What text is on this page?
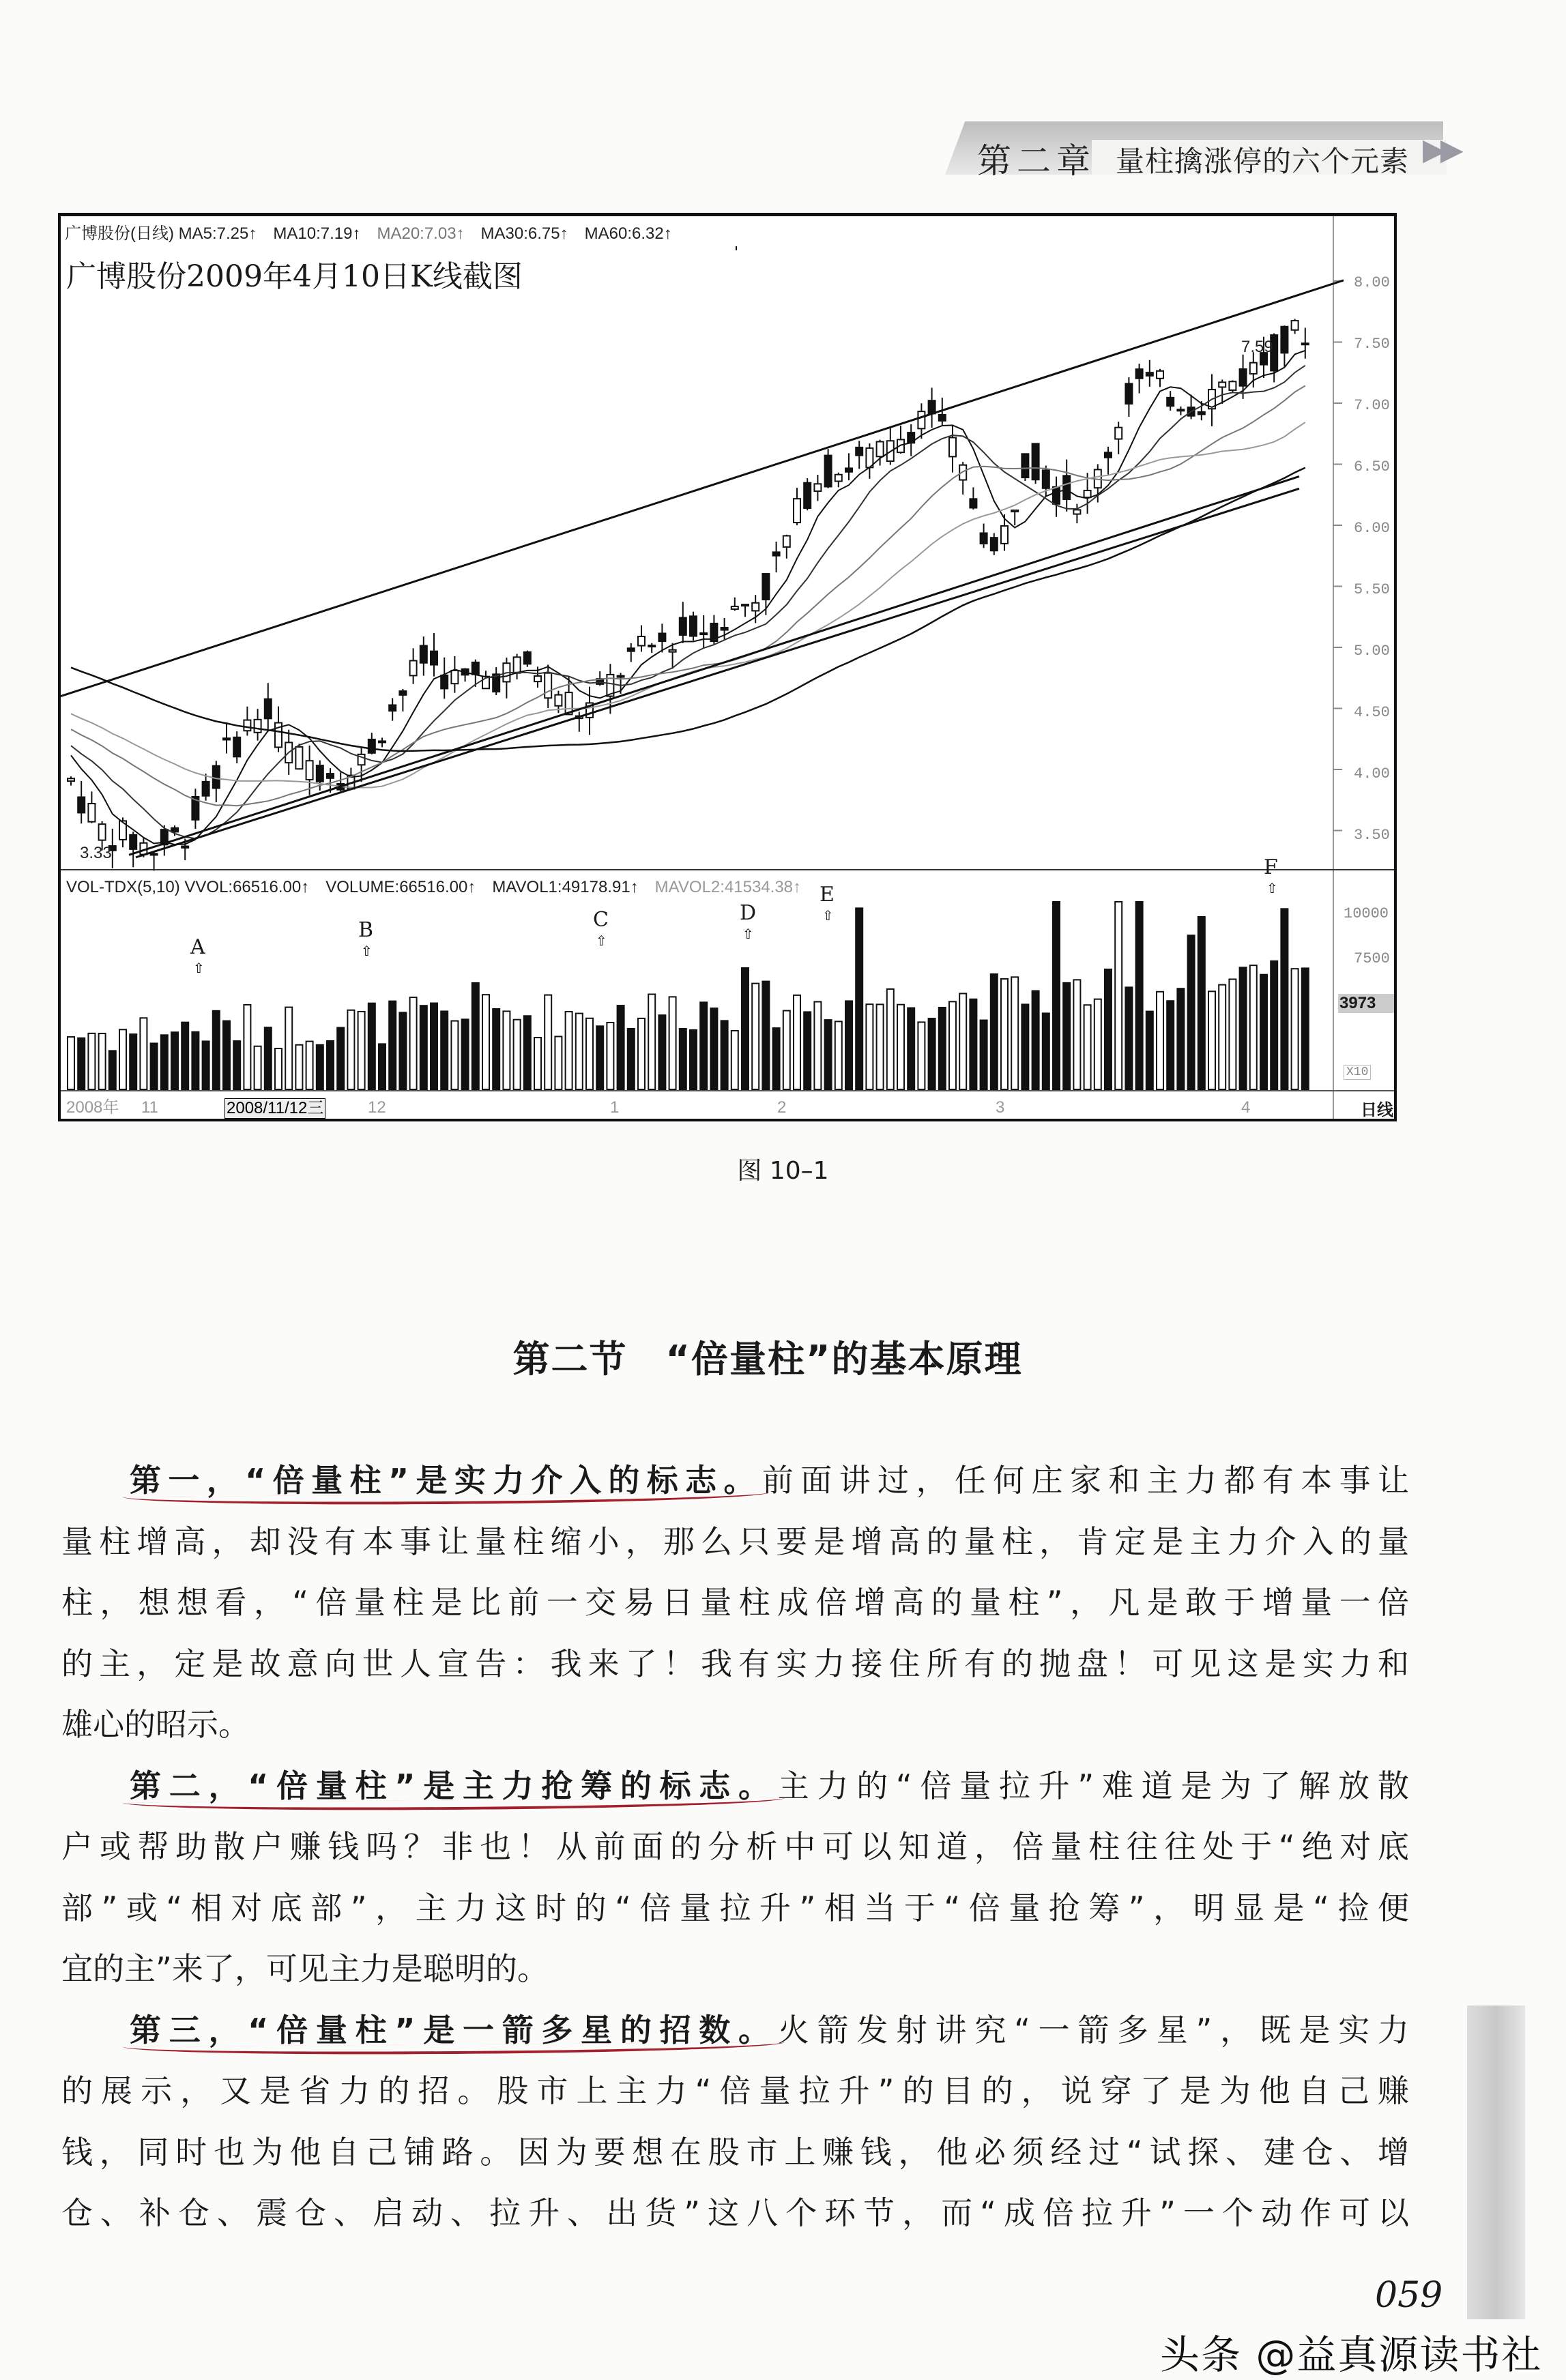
第二章 量柱擒涨停的六个元素 ▶▶
广博股份(日线) MA5:7.25↑ MA10:7.19↑ MA20:7.03↑ MA30:6.75↑ MA60:6.32↑
广博股份2009年4月10日K线截图
VOL-TDX(5,10) VVOL:66516.00↑ VOLUME:66516.00↑ MAVOL1:49178.91↑ MAVOL2:41534.38↑
3.33
7.59
8.00
7.50
7.00
6.50
6.00
5.50
5.00
4.50
4.00
3.50
10000
7500
3973
X10
日线
A
⇧
B
⇧
C
⇧
D
⇧
E
⇧
F
⇧
2008年 11	2008/11/12三	12	1	2	3	4
图 10–1
第二节　“倍量柱”的基本原理
第一，“倍量柱”是实力介入的标志。前面讲过，任何庄家和主力都有本事让
量柱增高，却没有本事让量柱缩小，那么只要是增高的量柱，肯定是主力介入的量
柱，想想看，“倍量柱是比前一交易日量柱成倍增高的量柱”，凡是敢于增量一倍
的主，定是故意向世人宣告：我来了！我有实力接住所有的抛盘！可见这是实力和
雄心的昭示。
第二，“倍量柱”是主力抢筹的标志。主力的“倍量拉升”难道是为了解放散
户或帮助散户赚钱吗？非也！从前面的分析中可以知道，倍量柱往往处于“绝对底
部”或“相对底部”，主力这时的“倍量拉升”相当于“倍量抢筹”，明显是“捡便
宜的主”来了，可见主力是聪明的。
第三，“倍量柱”是一箭多星的招数。火箭发射讲究“一箭多星”，既是实力
的展示，又是省力的招。股市上主力“倍量拉升”的目的，说穿了是为他自己赚
钱，同时也为他自己铺路。因为要想在股市上赚钱，他必须经过“试探、建仓、增
仓、补仓、震仓、启动、拉升、出货”这八个环节，而“成倍拉升”一个动作可以
059
头条 @益真源读书社
